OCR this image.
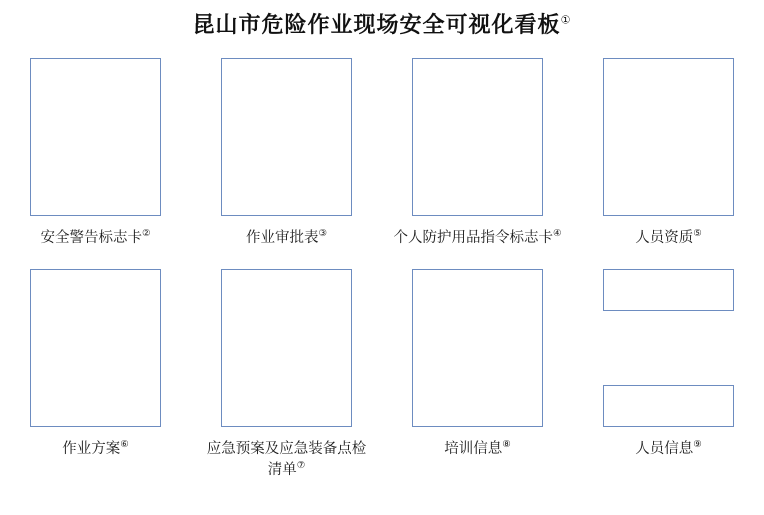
昆山市危险作业现场安全可视化看板①
安全警告标志卡②	作业审批表③	个人防护用品指令标志卡④	人员资质⑤
作业方案⑥	应急预案及应急装备点检清单⑦
培训信息⑧	人员信息⑨
